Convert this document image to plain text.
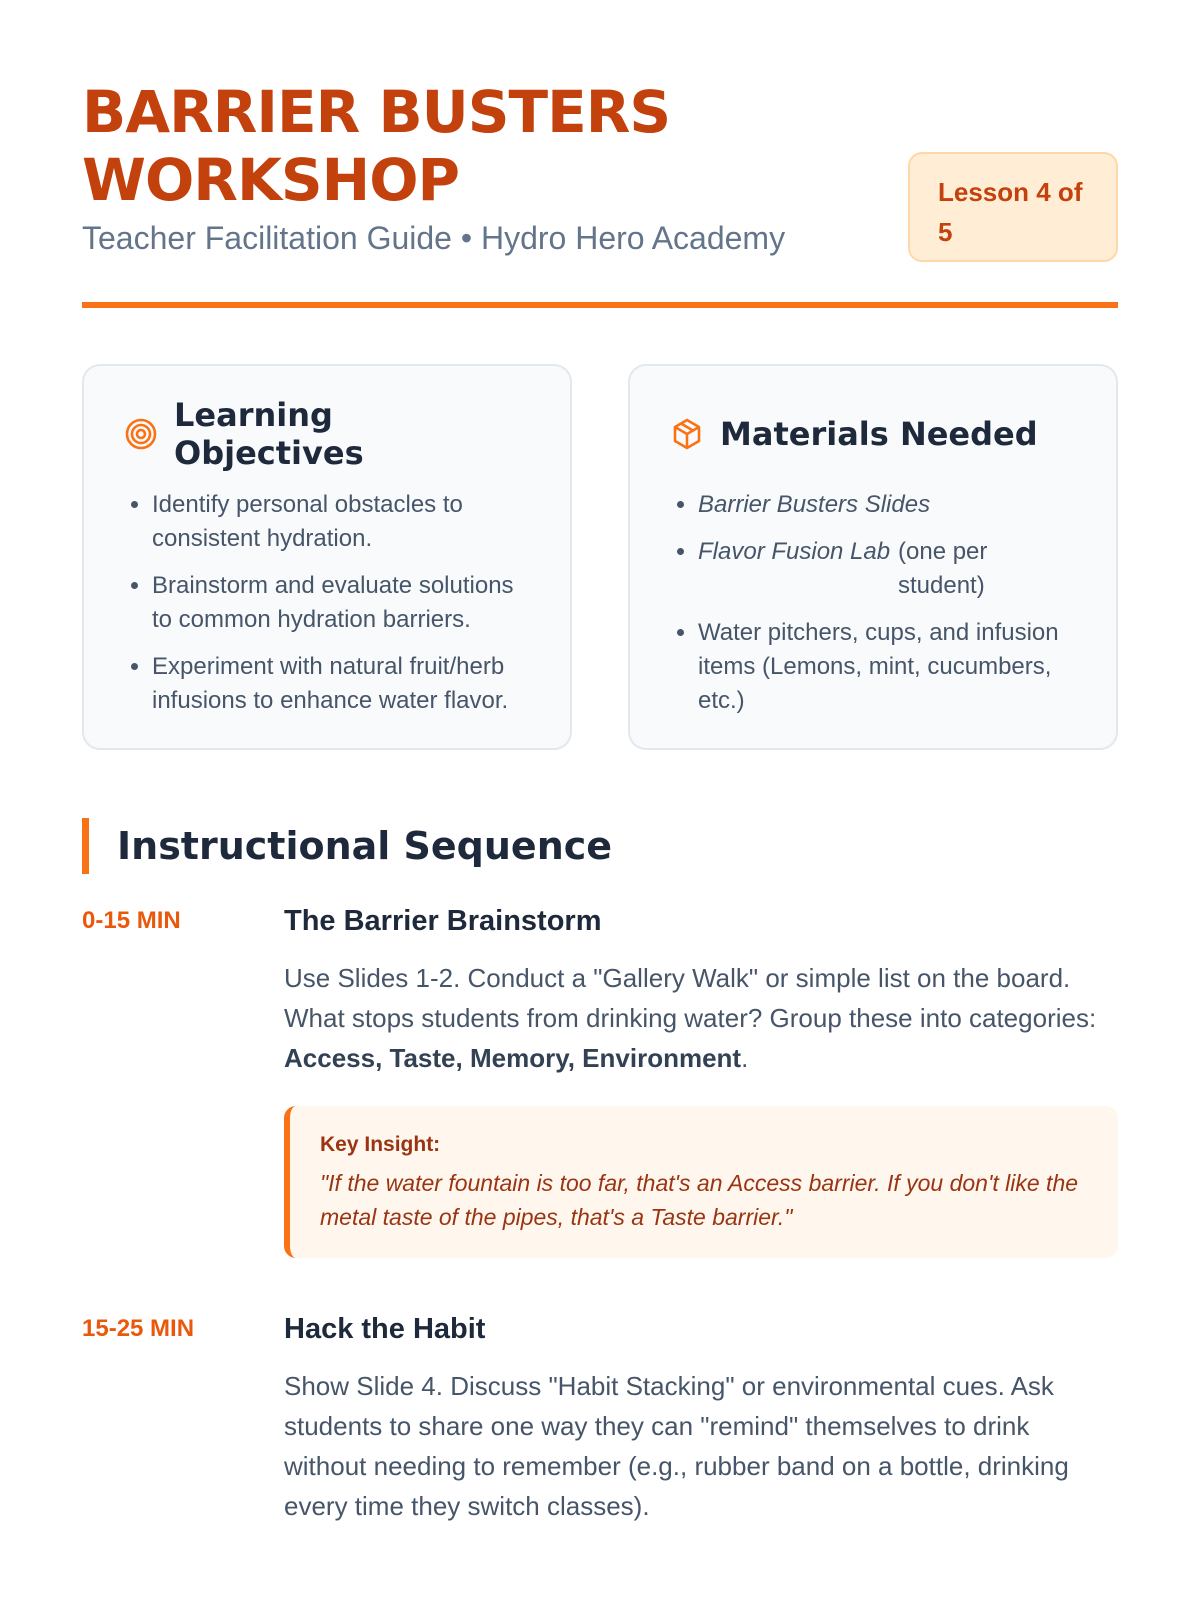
BARRIER BUSTERS WORKSHOP
Teacher Facilitation Guide • Hydro Hero Academy
Lesson 4 of 5
Learning Objectives
• Identify personal obstacles to consistent hydration.
• Brainstorm and evaluate solutions to common hydration barriers.
• Experiment with natural fruit/herb infusions to enhance water flavor.
Materials Needed
• Barrier Busters Slides
• Flavor Fusion Lab (one per student)
• Water pitchers, cups, and infusion items (Lemons, mint, cucumbers, etc.)
Instructional Sequence
0-15 MIN	The Barrier Brainstorm
Use Slides 1-2. Conduct a "Gallery Walk" or simple list on the board. What stops students from drinking water? Group these into categories: Access, Taste, Memory, Environment.
Key Insight:
"If the water fountain is too far, that's an Access barrier. If you don't like the metal taste of the pipes, that's a Taste barrier."
15-25 MIN	Hack the Habit
Show Slide 4. Discuss "Habit Stacking" or environmental cues. Ask students to share one way they can "remind" themselves to drink without needing to remember (e.g., rubber band on a bottle, drinking every time they switch classes).
